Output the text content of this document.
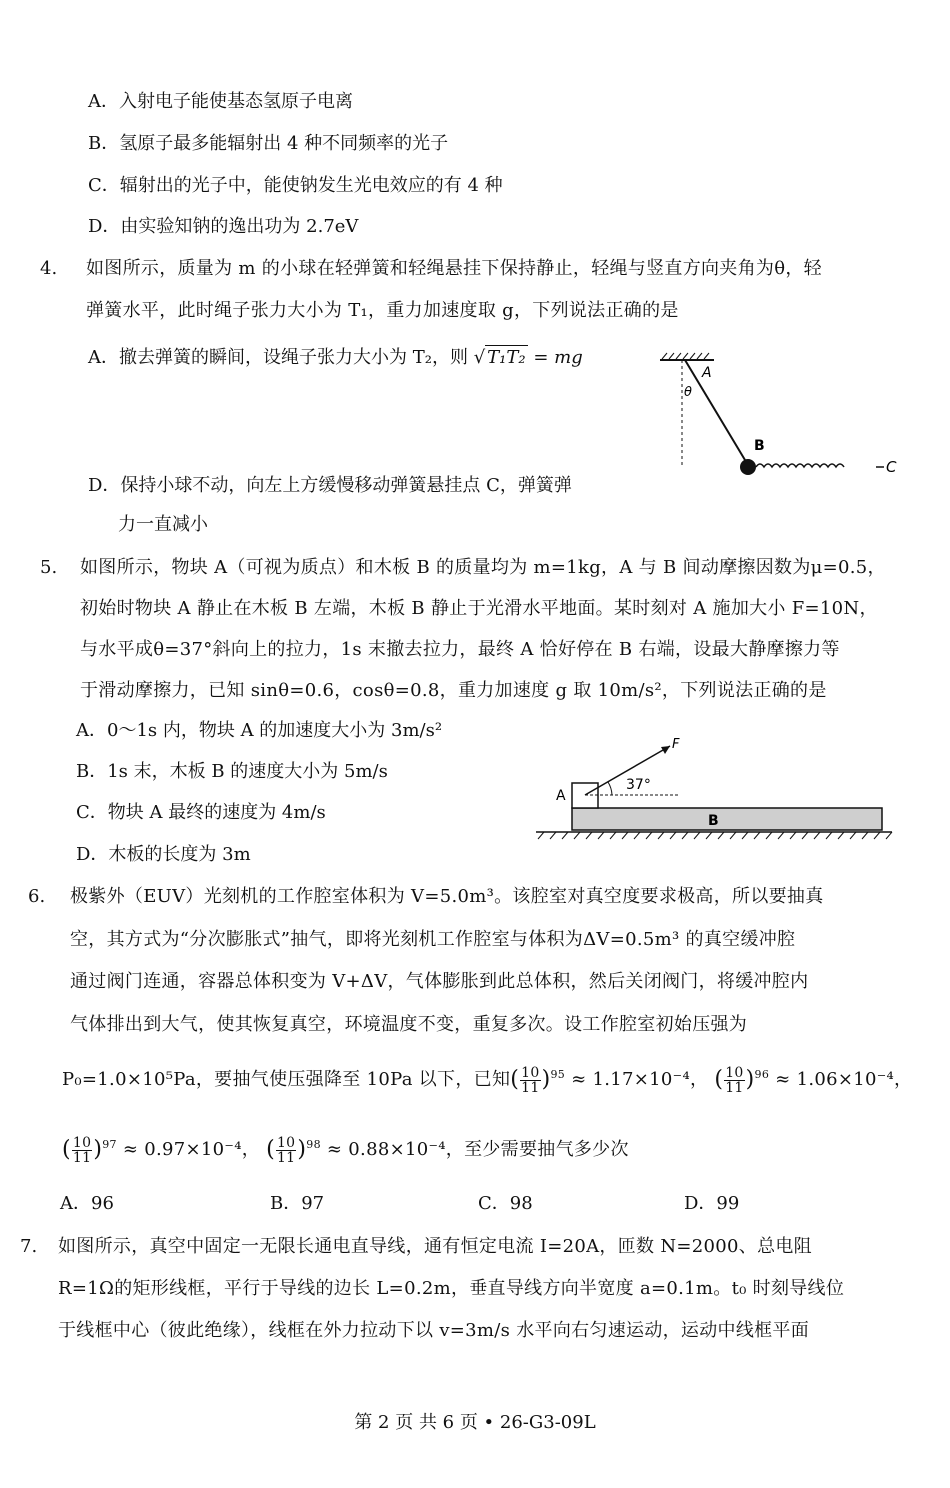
A．入射电子能使基态氢原子电离
B．氢原子最多能辐射出 4 种不同频率的光子
C．辐射出的光子中，能使钠发生光电效应的有 4 种
D．由实验知钠的逸出功为 2.7eV
4. 如图所示，质量为 m 的小球在轻弹簧和轻绳悬挂下保持静止，轻绳与竖直方向夹角为θ，轻
弹簧水平，此时绳子张力大小为 T₁，重力加速度取 g，下列说法正确的是
A．撤去弹簧的瞬间，设绳子张力大小为 T₂，则 √ T₁T₂ = mg
A
θ
B
C
D．保持小球不动，向左上方缓慢移动弹簧悬挂点 C，弹簧弹
力一直减小
5. 如图所示，物块 A（可视为质点）和木板 B 的质量均为 m=1kg，A 与 B 间动摩擦因数为μ=0.5，
初始时物块 A 静止在木板 B 左端，木板 B 静止于光滑水平地面。某时刻对 A 施加大小 F=10N，
与水平成θ=37°斜向上的拉力，1s 末撤去拉力，最终 A 恰好停在 B 右端，设最大静摩擦力等
于滑动摩擦力，已知 sinθ=0.6，cosθ=0.8，重力加速度 g 取 10m/s²，下列说法正确的是
A．0～1s 内，物块 A 的加速度大小为 3m/s²
B．1s 末，木板 B 的速度大小为 5m/s
C．物块 A 最终的速度为 4m/s
D．木板的长度为 3m
F
37°
A
B
6. 极紫外（EUV）光刻机的工作腔室体积为 V=5.0m³。该腔室对真空度要求极高，所以要抽真
空，其方式为“分次膨胀式”抽气，即将光刻机工作腔室与体积为ΔV=0.5m³ 的真空缓冲腔
通过阀门连通，容器总体积变为 V+ΔV，气体膨胀到此总体积，然后关闭阀门，将缓冲腔内
气体排出到大气，使其恢复真空，环境温度不变，重复多次。设工作腔室初始压强为
P₀=1.0×10⁵Pa，要抽气使压强降至 10Pa 以下，已知( $\frac{10}{11} )^{95} \approx 1.17\times 10^{-4}$， ( $\frac{10}{11} )^{96} \approx 1.06\times 10^{-4}$，
( $\frac{10}{11} )^{97} \approx 0.97\times 10^{-4}$， ( $\frac{10}{11} )^{98} \approx 0.88\times 10^{-4}$，至少需要抽气多少次
A．96	B．97	C．98	D．99
7. 如图所示，真空中固定一无限长通电直导线，通有恒定电流 I=20A，匝数 N=2000、总电阻
R=1Ω的矩形线框，平行于导线的边长 L=0.2m，垂直导线方向半宽度 a=0.1m。t₀ 时刻导线位
于线框中心（彼此绝缘），线框在外力拉动下以 v=3m/s 水平向右匀速运动，运动中线框平面
第 2 页 共 6 页 • 26-G3-09L
